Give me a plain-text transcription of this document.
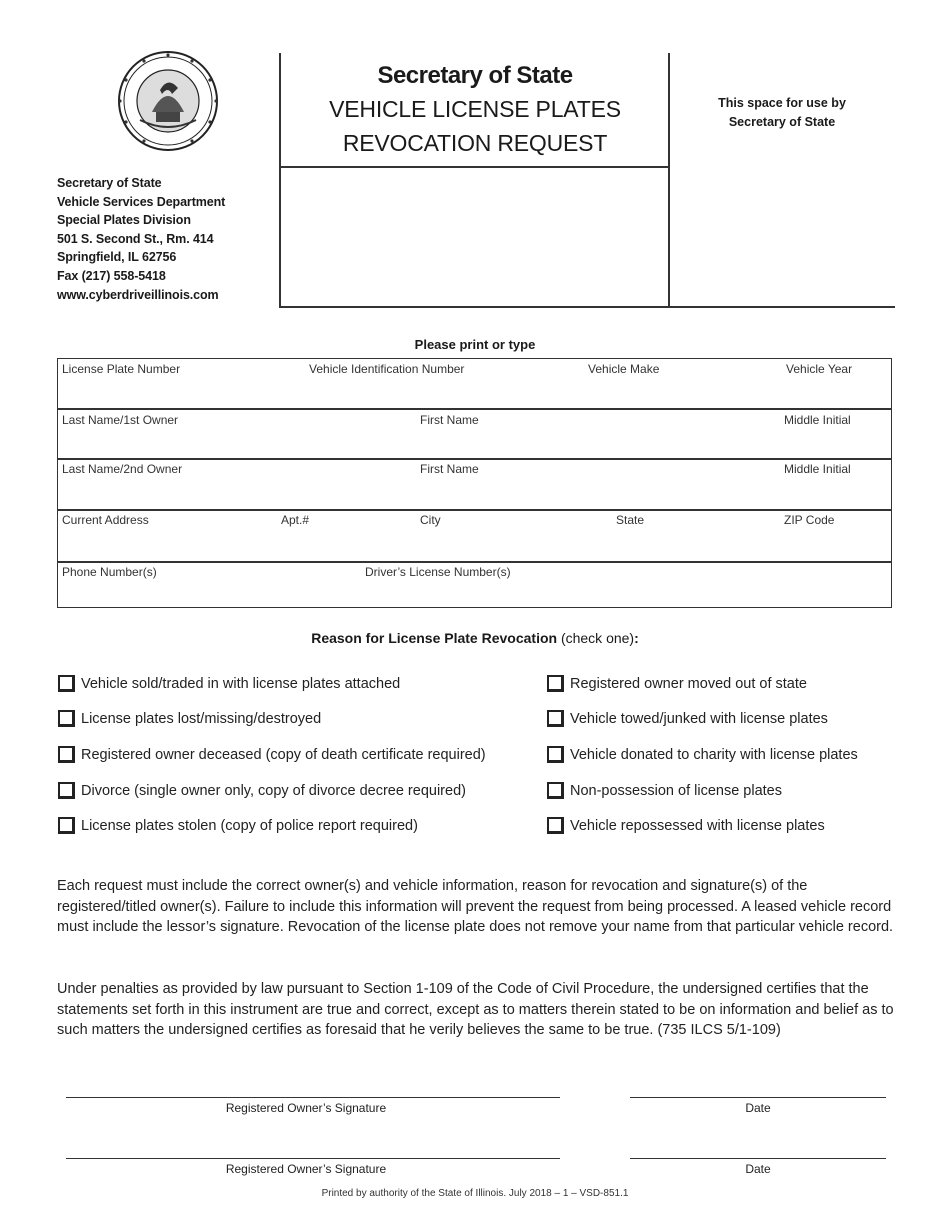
Secretary of State
Vehicle Services Department
Special Plates Division
501 S. Second St., Rm. 414
Springfield, IL 62756
Fax (217) 558-5418
www.cyberdriveillinois.com
Secretary of State
VEHICLE LICENSE PLATES
REVOCATION REQUEST
This space for use by
Secretary of State
Please print or type
License Plate Number	Vehicle Identification Number	Vehicle Make	Vehicle Year
Last Name/1st Owner	First Name	Middle Initial
Last Name/2nd Owner	First Name	Middle Initial
Current Address	Apt.#	City	State	ZIP Code
Phone Number(s)	Driver’s License Number(s)
Reason for License Plate Revocation (check one):
Vehicle sold/traded in with license plates attached
License plates lost/missing/destroyed
Registered owner deceased (copy of death certificate required)
Divorce (single owner only, copy of divorce decree required)
License plates stolen (copy of police report required)
Registered owner moved out of state
Vehicle towed/junked with license plates
Vehicle donated to charity with license plates
Non-possession of license plates
Vehicle repossessed with license plates
Each request must include the correct owner(s) and vehicle information, reason for revocation and signature(s) of the registered/titled owner(s). Failure to include this information will prevent the request from being processed. A leased vehicle record must include the lessor’s signature. Revocation of the license plate does not remove your name from that particular vehicle record.
Under penalties as provided by law pursuant to Section 1-109 of the Code of Civil Procedure, the undersigned certifies that the statements set forth in this instrument are true and correct, except as to matters therein stated to be on information and belief as to such matters the undersigned certifies as foresaid that he verily believes the same to be true. (735 ILCS 5/1-109)
Registered Owner’s Signature	Date
Registered Owner’s Signature	Date
Printed by authority of the State of Illinois. July 2018 – 1 – VSD-851.1
